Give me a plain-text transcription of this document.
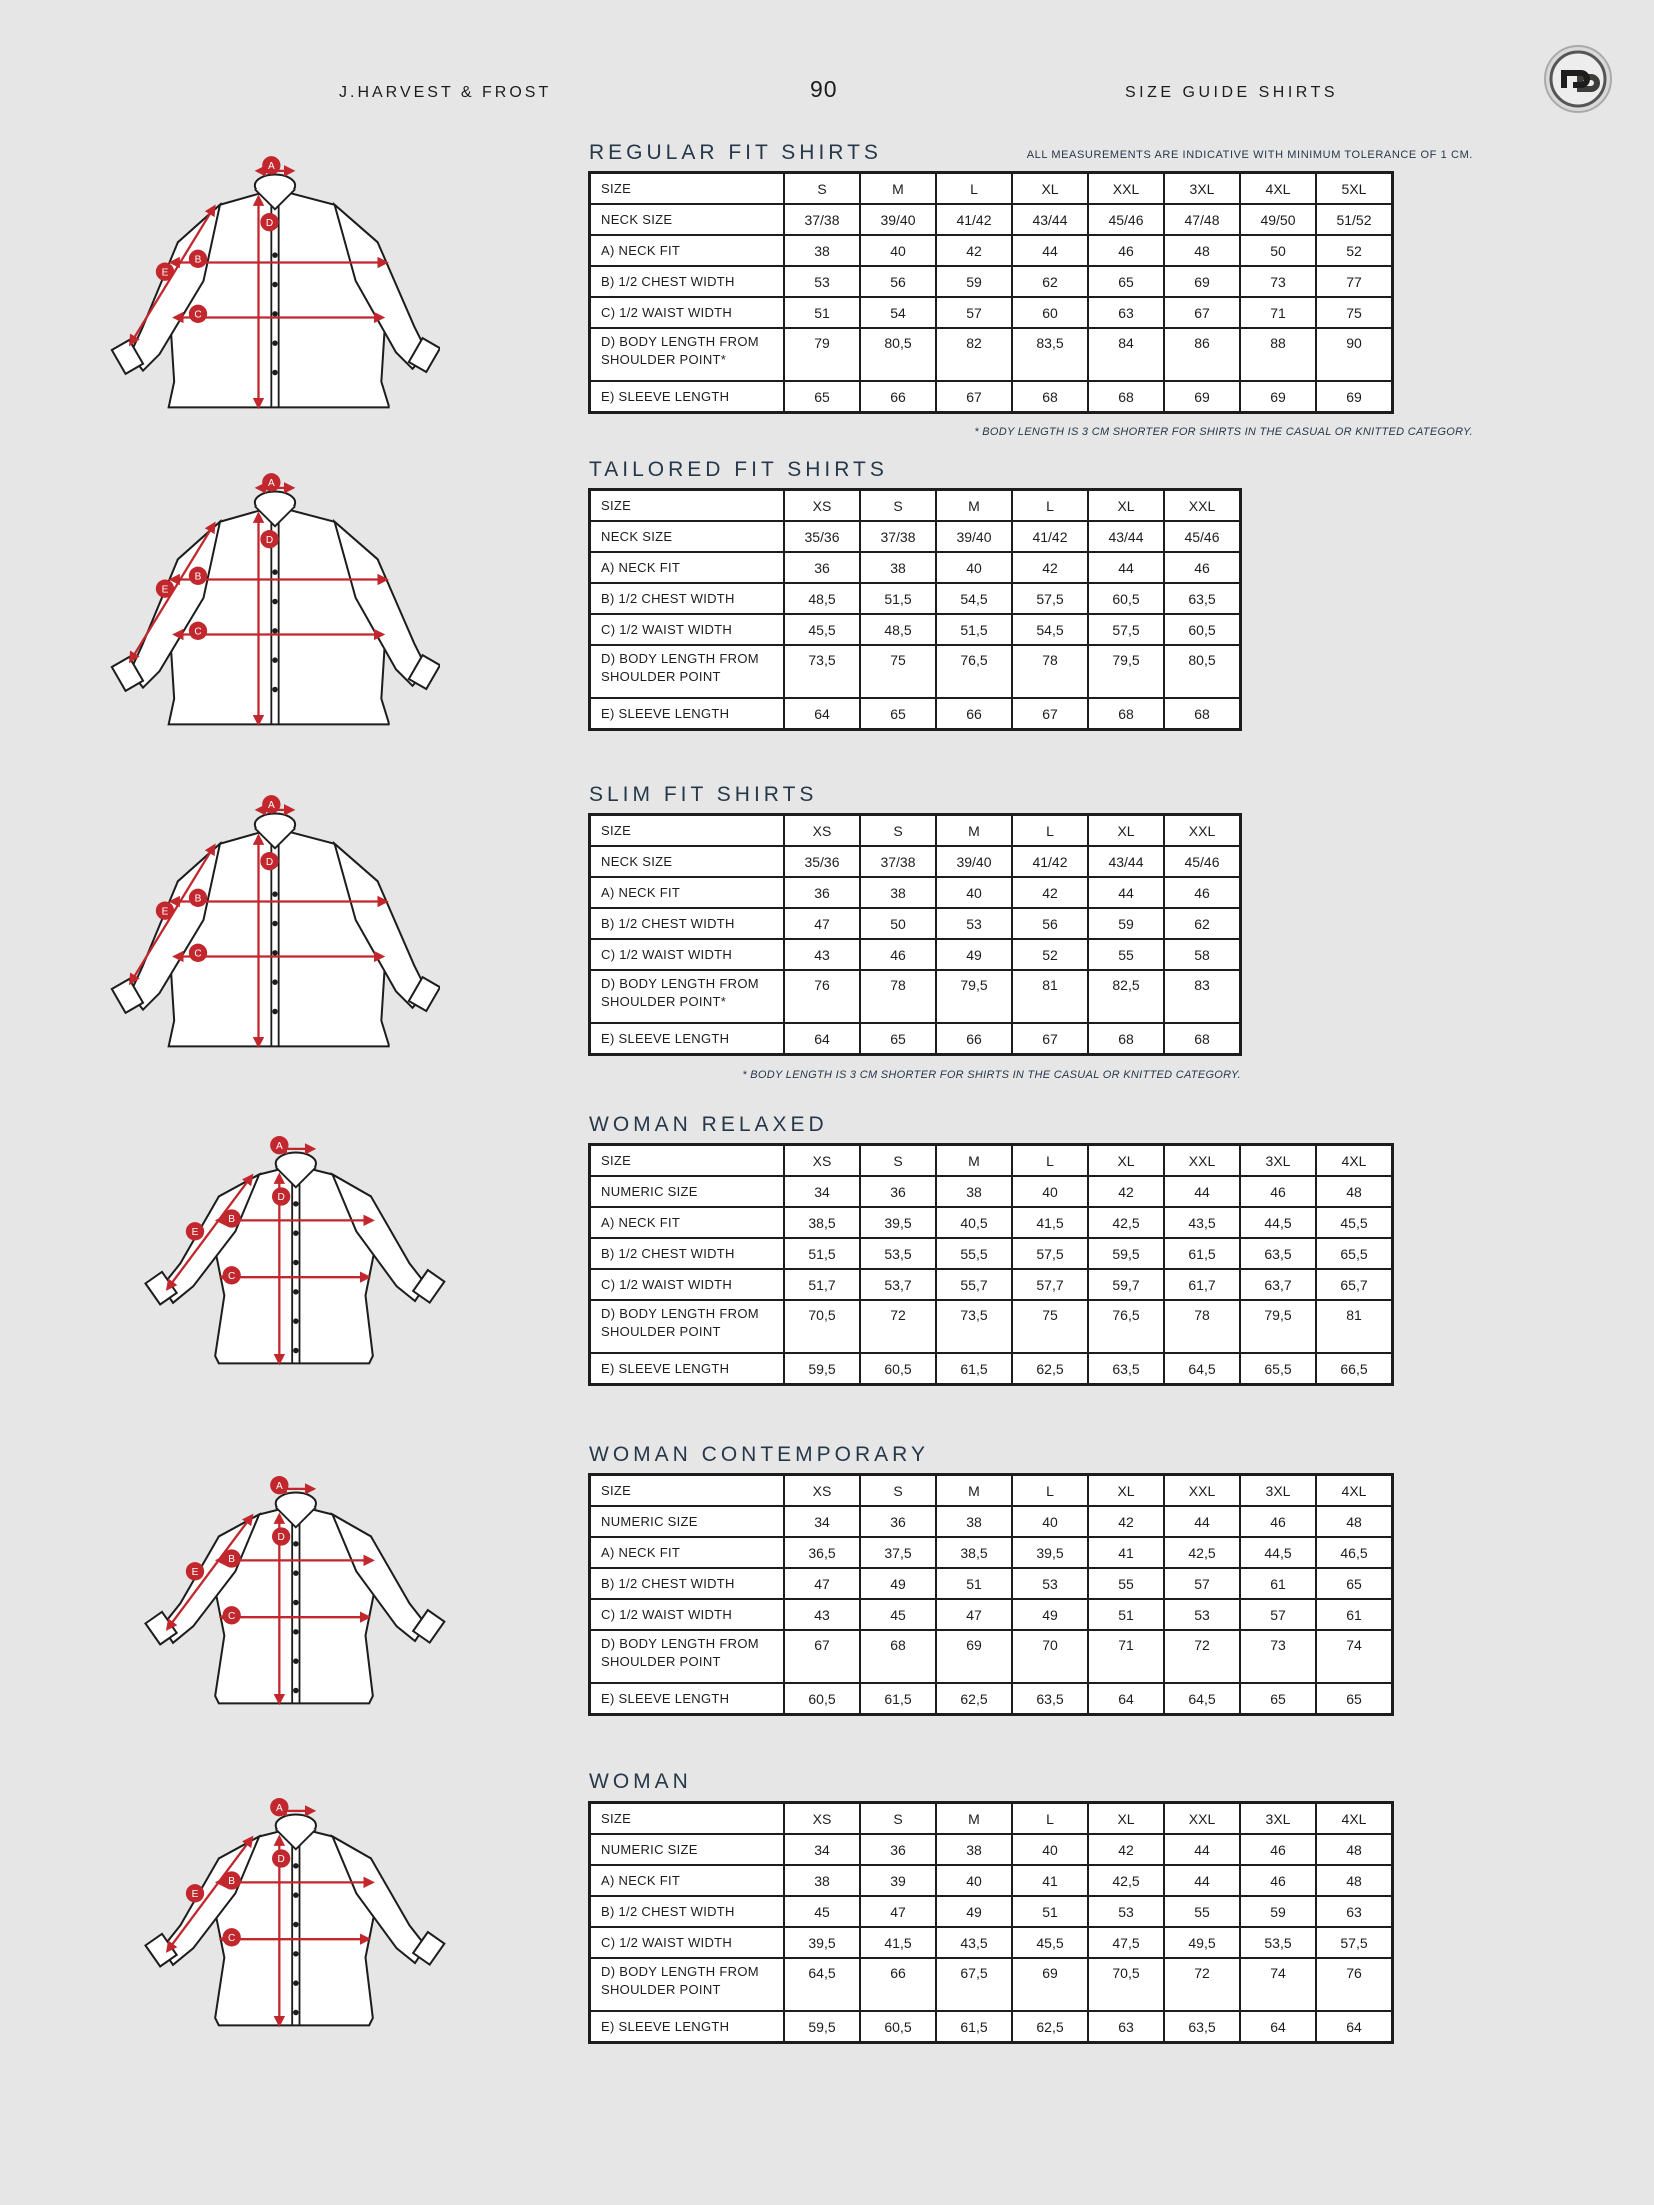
J.HARVEST & FROST	90	SIZE GUIDE SHIRTS
REGULAR FIT SHIRTS	ALL MEASUREMENTS ARE INDICATIVE WITH MINIMUM TOLERANCE OF 1 CM.
A
B
C
D
E
SIZE	S	M	L	XL	XXL	3XL	4XL	5XL
NECK SIZE	37/38	39/40	41/42	43/44	45/46	47/48	49/50	51/52
A) NECK FIT	38	40	42	44	46	48	50	52
B) 1/2 CHEST WIDTH	53	56	59	62	65	69	73	77
C) 1/2 WAIST WIDTH	51	54	57	60	63	67	71	75
D) BODY LENGTH FROM SHOULDER POINT*	79	80,5	82	83,5	84	86	88	90
E) SLEEVE LENGTH	65	66	67	68	68	69	69	69
* BODY LENGTH IS 3 CM SHORTER FOR SHIRTS IN THE CASUAL OR KNITTED CATEGORY.
TAILORED FIT SHIRTS
A
B
C
D
E
SIZE	XS	S	M	L	XL	XXL
NECK SIZE	35/36	37/38	39/40	41/42	43/44	45/46
A) NECK FIT	36	38	40	42	44	46
B) 1/2 CHEST WIDTH	48,5	51,5	54,5	57,5	60,5	63,5
C) 1/2 WAIST WIDTH	45,5	48,5	51,5	54,5	57,5	60,5
D) BODY LENGTH FROM SHOULDER POINT	73,5	75	76,5	78	79,5	80,5
E) SLEEVE LENGTH	64	65	66	67	68	68
SLIM FIT SHIRTS
A
B
C
D
E
SIZE	XS	S	M	L	XL	XXL
NECK SIZE	35/36	37/38	39/40	41/42	43/44	45/46
A) NECK FIT	36	38	40	42	44	46
B) 1/2 CHEST WIDTH	47	50	53	56	59	62
C) 1/2 WAIST WIDTH	43	46	49	52	55	58
D) BODY LENGTH FROM SHOULDER POINT*	76	78	79,5	81	82,5	83
E) SLEEVE LENGTH	64	65	66	67	68	68
* BODY LENGTH IS 3 CM SHORTER FOR SHIRTS IN THE CASUAL OR KNITTED CATEGORY.
WOMAN RELAXED
A
B
C
D
E
SIZE	XS	S	M	L	XL	XXL	3XL	4XL
NUMERIC SIZE	34	36	38	40	42	44	46	48
A) NECK FIT	38,5	39,5	40,5	41,5	42,5	43,5	44,5	45,5
B) 1/2 CHEST WIDTH	51,5	53,5	55,5	57,5	59,5	61,5	63,5	65,5
C) 1/2 WAIST WIDTH	51,7	53,7	55,7	57,7	59,7	61,7	63,7	65,7
D) BODY LENGTH FROM SHOULDER POINT	70,5	72	73,5	75	76,5	78	79,5	81
E) SLEEVE LENGTH	59,5	60,5	61,5	62,5	63,5	64,5	65,5	66,5
WOMAN CONTEMPORARY
A
B
C
D
E
SIZE	XS	S	M	L	XL	XXL	3XL	4XL
NUMERIC SIZE	34	36	38	40	42	44	46	48
A) NECK FIT	36,5	37,5	38,5	39,5	41	42,5	44,5	46,5
B) 1/2 CHEST WIDTH	47	49	51	53	55	57	61	65
C) 1/2 WAIST WIDTH	43	45	47	49	51	53	57	61
D) BODY LENGTH FROM SHOULDER POINT	67	68	69	70	71	72	73	74
E) SLEEVE LENGTH	60,5	61,5	62,5	63,5	64	64,5	65	65
WOMAN
A
B
C
D
E
SIZE	XS	S	M	L	XL	XXL	3XL	4XL
NUMERIC SIZE	34	36	38	40	42	44	46	48
A) NECK FIT	38	39	40	41	42,5	44	46	48
B) 1/2 CHEST WIDTH	45	47	49	51	53	55	59	63
C) 1/2 WAIST WIDTH	39,5	41,5	43,5	45,5	47,5	49,5	53,5	57,5
D) BODY LENGTH FROM SHOULDER POINT	64,5	66	67,5	69	70,5	72	74	76
E) SLEEVE LENGTH	59,5	60,5	61,5	62,5	63	63,5	64	64
